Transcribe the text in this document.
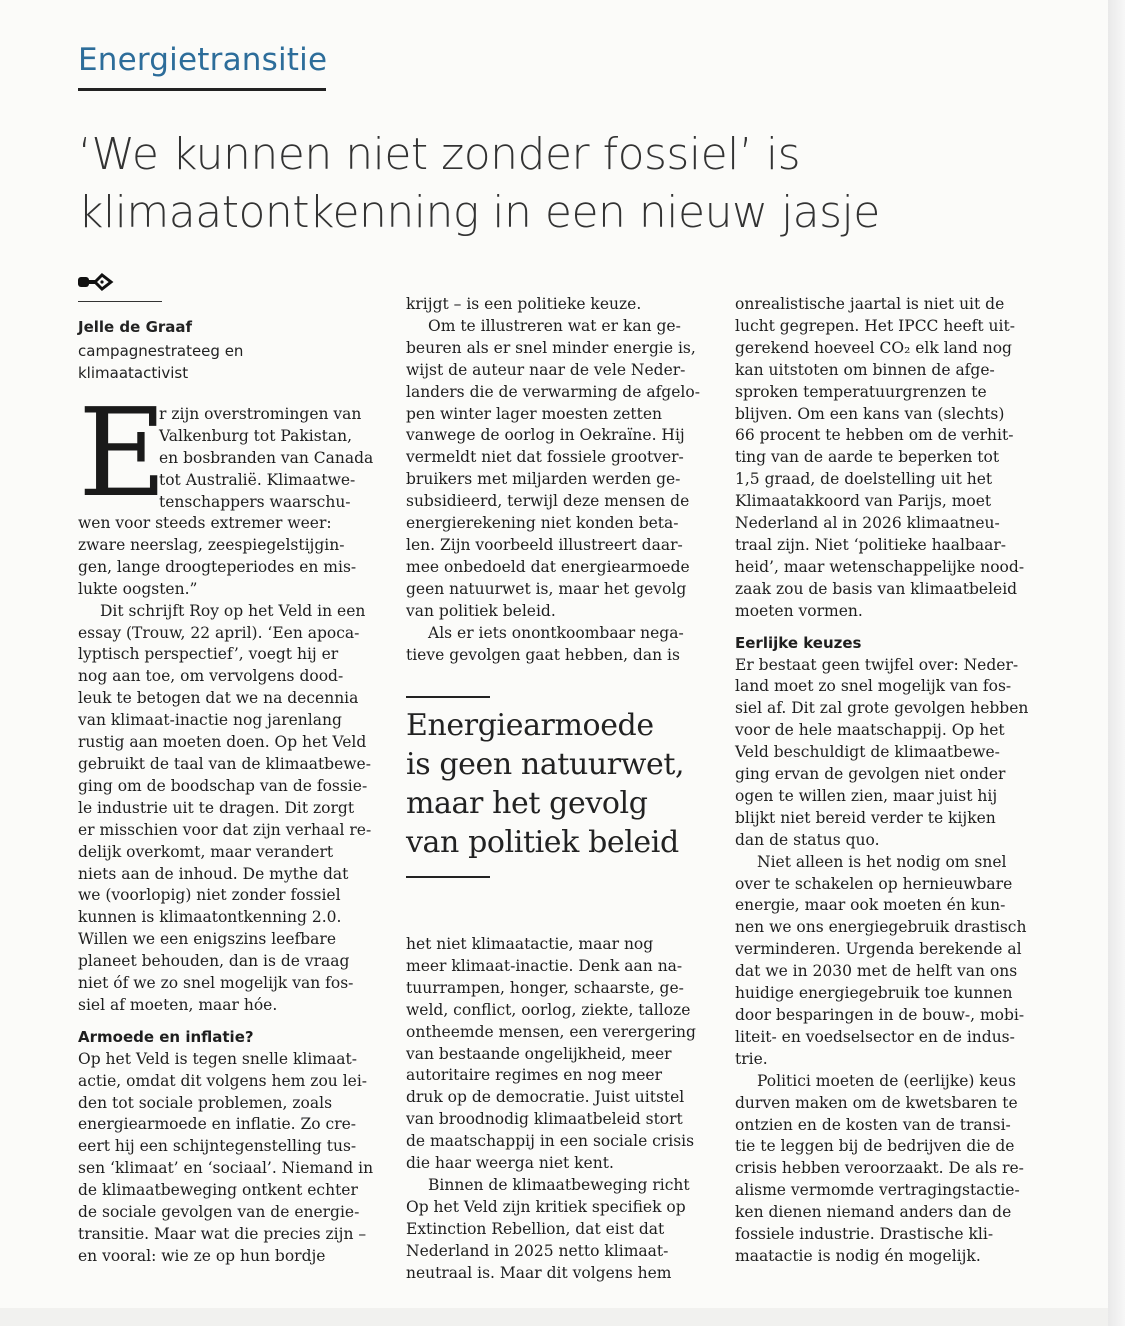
Energietransitie
‘We kunnen niet zonder fossiel’ is
klimaatontkenning in een nieuw jasje
Jelle de Graaf
campagnestrateeg en
klimaatactivist
E
r zijn overstromingen van
Valkenburg tot Pakistan,
en bosbranden van Canada
tot Australië. Klimaatwe-
tenschappers waarschu-
wen voor steeds extremer weer:
zware neerslag, zeespiegelstijgin-
gen, lange droogteperiodes en mis-
lukte oogsten.”
Dit schrijft Roy op het Veld in een
essay (Trouw, 22 april). ‘Een apoca-
lyptisch perspectief’, voegt hij er
nog aan toe, om vervolgens dood-
leuk te betogen dat we na decennia
van klimaat-inactie nog jarenlang
rustig aan moeten doen. Op het Veld
gebruikt de taal van de klimaatbewe-
ging om de boodschap van de fossie-
le industrie uit te dragen. Dit zorgt
er misschien voor dat zijn verhaal re-
delijk overkomt, maar verandert
niets aan de inhoud. De mythe dat
we (voorlopig) niet zonder fossiel
kunnen is klimaatontkenning 2.0.
Willen we een enigszins leefbare
planeet behouden, dan is de vraag
niet óf we zo snel mogelijk van fos-
siel af moeten, maar hóe.
Armoede en inflatie?
Op het Veld is tegen snelle klimaat-
actie, omdat dit volgens hem zou lei-
den tot sociale problemen, zoals
energiearmoede en inflatie. Zo cre-
eert hij een schijntegenstelling tus-
sen ‘klimaat’ en ‘sociaal’. Niemand in
de klimaatbeweging ontkent echter
de sociale gevolgen van de energie-
transitie. Maar wat die precies zijn –
en vooral: wie ze op hun bordje
krijgt – is een politieke keuze.
Om te illustreren wat er kan ge-
beuren als er snel minder energie is,
wijst de auteur naar de vele Neder-
landers die de verwarming de afgelo-
pen winter lager moesten zetten
vanwege de oorlog in Oekraïne. Hij
vermeldt niet dat fossiele grootver-
bruikers met miljarden werden ge-
subsidieerd, terwijl deze mensen de
energierekening niet konden beta-
len. Zijn voorbeeld illustreert daar-
mee onbedoeld dat energiearmoede
geen natuurwet is, maar het gevolg
van politiek beleid.
Als er iets onontkoombaar nega-
tieve gevolgen gaat hebben, dan is
Energiearmoede
is geen natuurwet,
maar het gevolg
van politiek beleid
het niet klimaatactie, maar nog
meer klimaat-inactie. Denk aan na-
tuurrampen, honger, schaarste, ge-
weld, conflict, oorlog, ziekte, talloze
ontheemde mensen, een verergering
van bestaande ongelijkheid, meer
autoritaire regimes en nog meer
druk op de democratie. Juist uitstel
van broodnodig klimaatbeleid stort
de maatschappij in een sociale crisis
die haar weerga niet kent.
Binnen de klimaatbeweging richt
Op het Veld zijn kritiek specifiek op
Extinction Rebellion, dat eist dat
Nederland in 2025 netto klimaat-
neutraal is. Maar dit volgens hem
onrealistische jaartal is niet uit de
lucht gegrepen. Het IPCC heeft uit-
gerekend hoeveel CO₂ elk land nog
kan uitstoten om binnen de afge-
sproken temperatuurgrenzen te
blijven. Om een kans van (slechts)
66 procent te hebben om de verhit-
ting van de aarde te beperken tot
1,5 graad, de doelstelling uit het
Klimaatakkoord van Parijs, moet
Nederland al in 2026 klimaatneu-
traal zijn. Niet ‘politieke haalbaar-
heid’, maar wetenschappelijke nood-
zaak zou de basis van klimaatbeleid
moeten vormen.
Eerlijke keuzes
Er bestaat geen twijfel over: Neder-
land moet zo snel mogelijk van fos-
siel af. Dit zal grote gevolgen hebben
voor de hele maatschappij. Op het
Veld beschuldigt de klimaatbewe-
ging ervan de gevolgen niet onder
ogen te willen zien, maar juist hij
blijkt niet bereid verder te kijken
dan de status quo.
Niet alleen is het nodig om snel
over te schakelen op hernieuwbare
energie, maar ook moeten én kun-
nen we ons energiegebruik drastisch
verminderen. Urgenda berekende al
dat we in 2030 met de helft van ons
huidige energiegebruik toe kunnen
door besparingen in de bouw-, mobi-
liteit- en voedselsector en de indus-
trie.
Politici moeten de (eerlijke) keus
durven maken om de kwetsbaren te
ontzien en de kosten van de transi-
tie te leggen bij de bedrijven die de
crisis hebben veroorzaakt. De als re-
alisme vermomde vertragingstactie-
ken dienen niemand anders dan de
fossiele industrie. Drastische kli-
maatactie is nodig én mogelijk.
